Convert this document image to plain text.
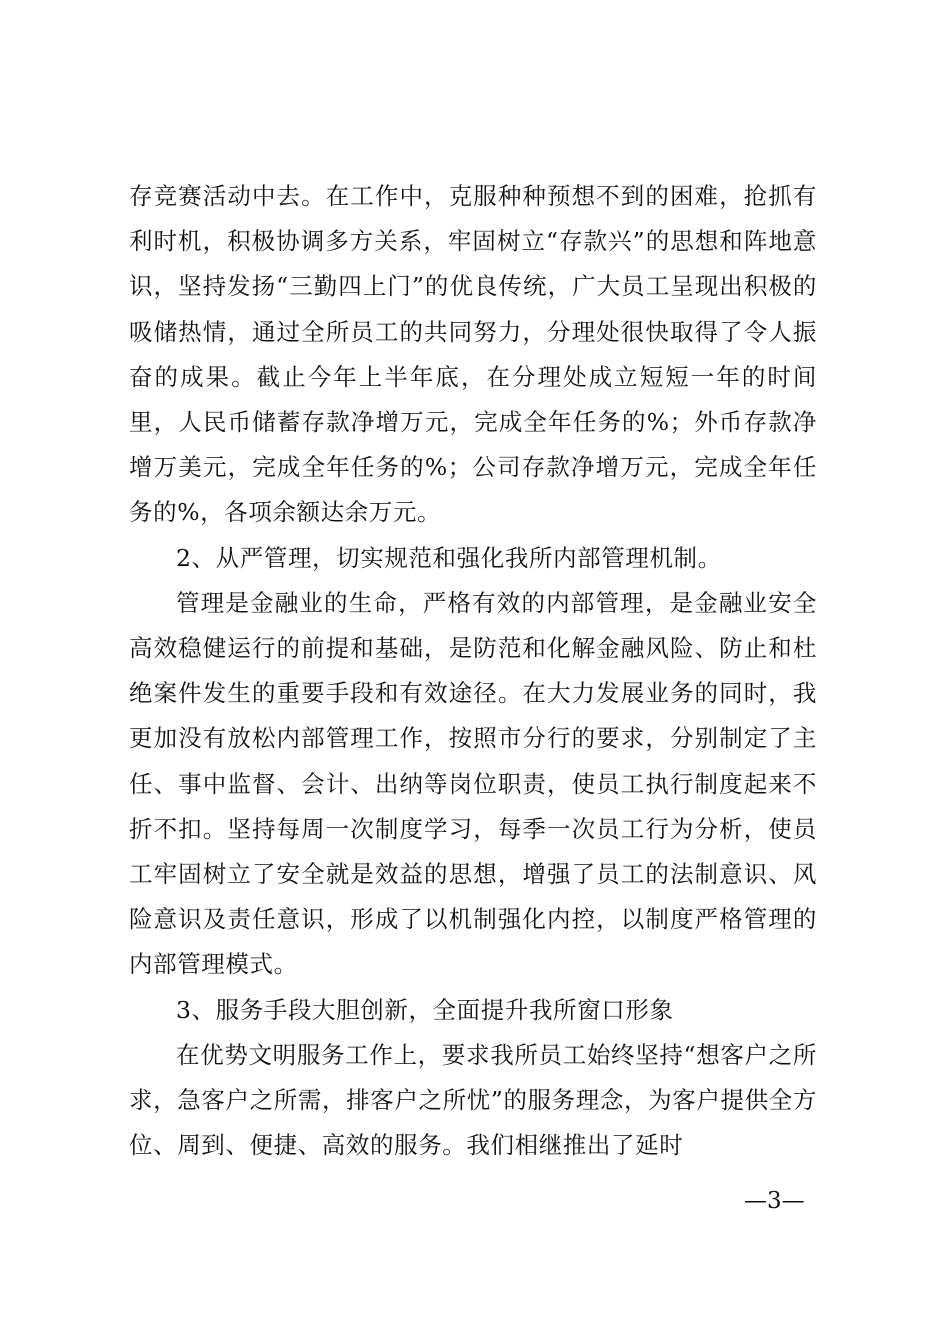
存竞赛活动中去。在工作中，克服种种预想不到的困难，抢抓有利时机，积极协调多方关系，牢固树立“存款兴”的思想和阵地意识，坚持发扬“三勤四上门”的优良传统，广大员工呈现出积极的吸储热情，通过全所员工的共同努力，分理处很快取得了令人振奋的成果。截止今年上半年底，在分理处成立短短一年的时间里，人民币储蓄存款净增万元，完成全年任务的%；外币存款净增万美元，完成全年任务的%；公司存款净增万元，完成全年任务的%，各项余额达余万元。

2、从严管理，切实规范和强化我所内部管理机制。

管理是金融业的生命，严格有效的内部管理，是金融业安全高效稳健运行的前提和基础，是防范和化解金融风险、防止和杜绝案件发生的重要手段和有效途径。在大力发展业务的同时，我更加没有放松内部管理工作，按照市分行的要求，分别制定了主任、事中监督、会计、出纳等岗位职责，使员工执行制度起来不折不扣。坚持每周一次制度学习，每季一次员工行为分析，使员工牢固树立了安全就是效益的思想，增强了员工的法制意识、风险意识及责任意识，形成了以机制强化内控，以制度严格管理的内部管理模式。

3、服务手段大胆创新，全面提升我所窗口形象

在优势文明服务工作上，要求我所员工始终坚持“想客户之所求，急客户之所需，排客户之所忧”的服务理念，为客户提供全方位、周到、便捷、高效的服务。我们相继推出了延时

—3—
